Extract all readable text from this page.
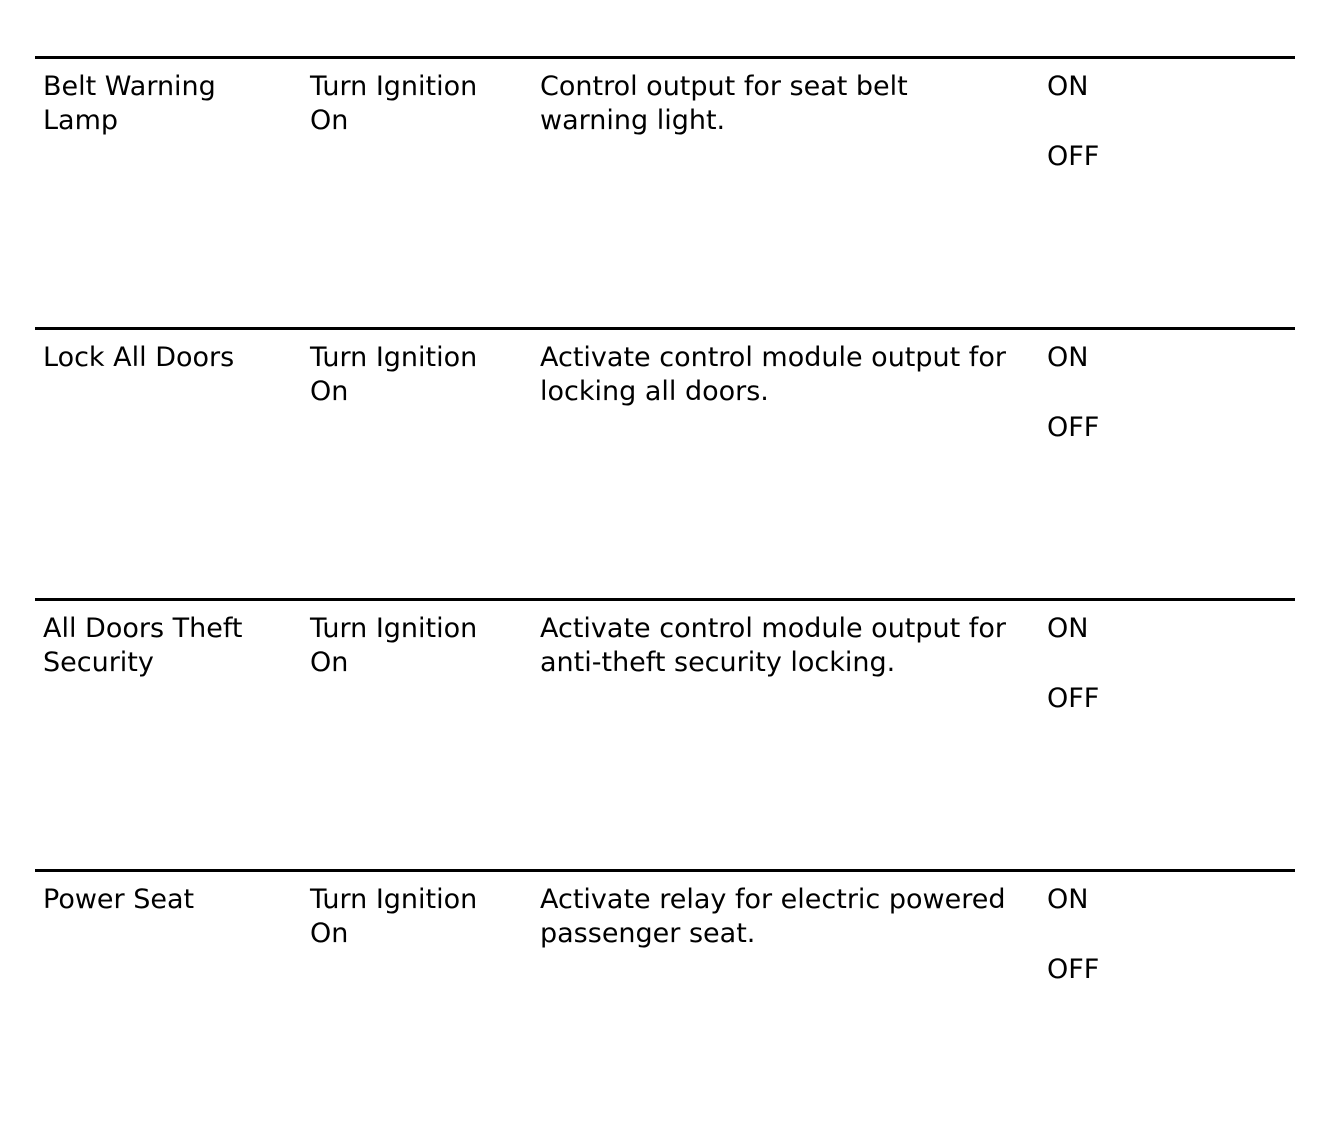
Belt Warning
Lamp
Turn Ignition
On
Control output for seat belt
warning light.
ON
OFF
Lock All Doors	Turn Ignition
On
Activate control module output for
locking all doors.
ON
OFF
All Doors Theft
Security
Turn Ignition
On
Activate control module output for
anti-theft security locking.
ON
OFF
Power Seat	Turn Ignition
On
Activate relay for electric powered
passenger seat.
ON
OFF
